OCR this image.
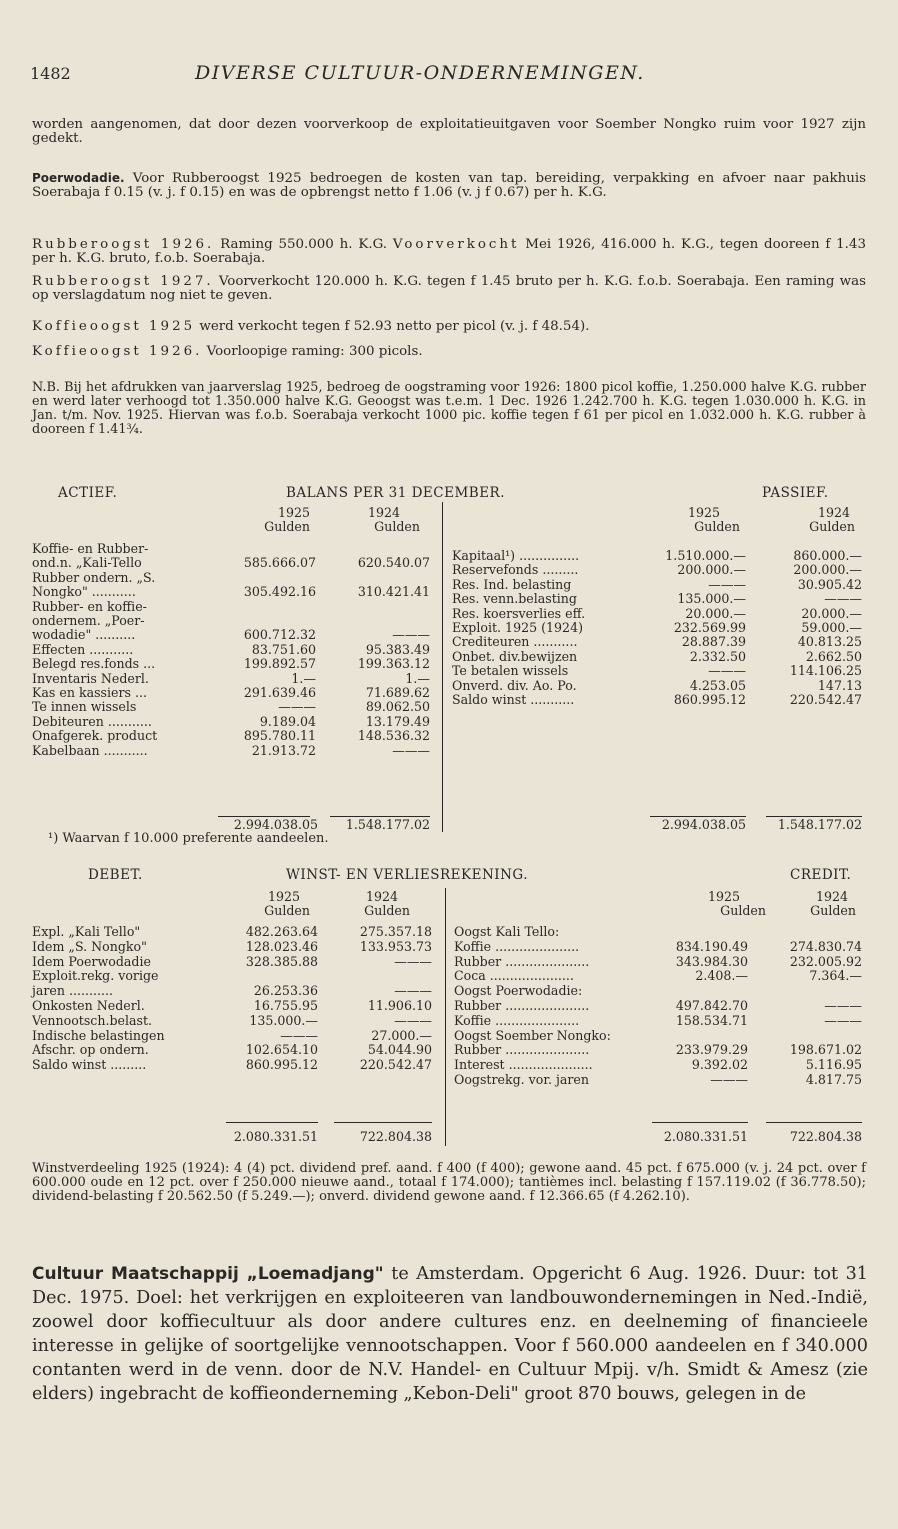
1482	DIVERSE CULTUUR-ONDERNEMINGEN.
worden aangenomen, dat door dezen voorverkoop de exploitatieuitgaven voor Soember Nongko ruim voor 1927 zijn gedekt.
Poerwodadie. Voor Rubberoogst 1925 bedroegen de kosten van tap. bereiding, verpakking en afvoer naar pakhuis Soerabaja f 0.15 (v. j. f 0.15) en was de opbrengst netto f 1.06 (v. j f 0.67) per h. K.G.
Rubberoogst 1926. Raming 550.000 h. K.G. Voorverkocht Mei 1926, 416.000 h. K.G., tegen dooreen f 1.43 per h. K.G. bruto, f.o.b. Soerabaja.
Rubberoogst 1927. Voorverkocht 120.000 h. K.G. tegen f 1.45 bruto per h. K.G. f.o.b. Soerabaja. Een raming was op verslagdatum nog niet te geven.
Koffieoogst 1925 werd verkocht tegen f 52.93 netto per picol (v. j. f 48.54).
Koffieoogst 1926. Voorloopige raming: 300 picols.
N.B. Bij het afdrukken van jaarverslag 1925, bedroeg de oogstraming voor 1926: 1800 picol koffie, 1.250.000 halve K.G. rubber en werd later verhoogd tot 1.350.000 halve K.G. Geoogst was t.e.m. 1 Dec. 1926 1.242.700 h. K.G. tegen 1.030.000 h. K.G. in Jan. t/m. Nov. 1925. Hiervan was f.o.b. Soerabaja verkocht 1000 pic. koffie tegen f 61 per picol en 1.032.000 h. K.G. rubber à dooreen f 1.41¾.
ACTIEF.	BALANS PER 31 DECEMBER.	PASSIEF.
1925	1924
Gulden	Gulden
1925	1924
Gulden	Gulden
Koffie- en Rubber-
ond.n. „Kali-Tello	585.666.07	620.540.07
Rubber ondern. „S.
Nongko" ...........	305.492.16	310.421.41
Rubber- en koffie-
ondernem. „Poer-
wodadie" ..........	600.712.32	———
Effecten ...........	83.751.60	95.383.49
Belegd res.fonds ...	199.892.57	199.363.12
Inventaris Nederl.	1.—	1.—
Kas en kassiers ...	291.639.46	71.689.62
Te innen wissels	———	89.062.50
Debiteuren ...........	9.189.04	13.179.49
Onafgerek. product	895.780.11	148.536.32
Kabelbaan ...........	21.913.72	———
Kapitaal¹) ...............	1.510.000.—	860.000.—
Reservefonds .........	200.000.—	200.000.—
Res. Ind. belasting	———	30.905.42
Res. venn.belasting	135.000.—	———
Res. koersverlies eff.	20.000.—	20.000.—
Exploit. 1925 (1924)	232.569.99	59.000.—
Crediteuren ...........	28.887.39	40.813.25
Onbet. div.bewijzen	2.332.50	2.662.50
Te betalen wissels	———	114.106.25
Onverd. div. Ao. Po.	4.253.05	147.13
Saldo winst ...........	860.995.12	220.542.47
2.994.038.05	1.548.177.02	2.994.038.05	1.548.177.02
¹) Waarvan f 10.000 preferente aandeelen.
DEBET.	WINST- EN VERLIESREKENING.	CREDIT.
1925	1924
Gulden	Gulden
1925	1924
Gulden	Gulden
Expl. „Kali Tello"	482.263.64	275.357.18
Idem „S. Nongko"	128.023.46	133.953.73
Idem Poerwodadie	328.385.88	———
Exploit.rekg. vorige
jaren ...........	26.253.36	———
Onkosten Nederl.	16.755.95	11.906.10
Vennootsch.belast.	135.000.—	———
Indische belastingen	———	27.000.—
Afschr. op ondern.	102.654.10	54.044.90
Saldo winst .........	860.995.12	220.542.47
Oogst Kali Tello:
Koffie .....................	834.190.49	274.830.74
Rubber .....................	343.984.30	232.005.92
Coca .....................	2.408.—	7.364.—
Oogst Poerwodadie:
Rubber .....................	497.842.70	———
Koffie .....................	158.534.71	———
Oogst Soember Nongko:
Rubber .....................	233.979.29	198.671.02
Interest .....................	9.392.02	5.116.95
Oogstrekg. vor. jaren	———	4.817.75
2.080.331.51	722.804.38	2.080.331.51	722.804.38
Winstverdeeling 1925 (1924): 4 (4) pct. dividend pref. aand. f 400 (f 400); gewone aand. 45 pct. f 675.000 (v. j. 24 pct. over f 600.000 oude en 12 pct. over f 250.000 nieuwe aand., totaal f 174.000); tantièmes incl. belasting f 157.119.02 (f 36.778.50); dividend-belasting f 20.562.50 (f 5.249.—); onverd. dividend gewone aand. f 12.366.65 (f 4.262.10).
Cultuur Maatschappij „Loemadjang" te Amsterdam. Opgericht 6 Aug. 1926. Duur: tot 31 Dec. 1975. Doel: het verkrijgen en exploiteeren van landbouwondernemingen in Ned.-Indië, zoowel door koffiecultuur als door andere cultures enz. en deelneming of financieele interesse in gelijke of soortgelijke vennootschappen. Voor f 560.000 aandeelen en f 340.000 contanten werd in de venn. door de N.V. Handel- en Cultuur Mpij. v/h. Smidt & Amesz (zie elders) ingebracht de koffieonderneming „Kebon-Deli" groot 870 bouws, gelegen in de
